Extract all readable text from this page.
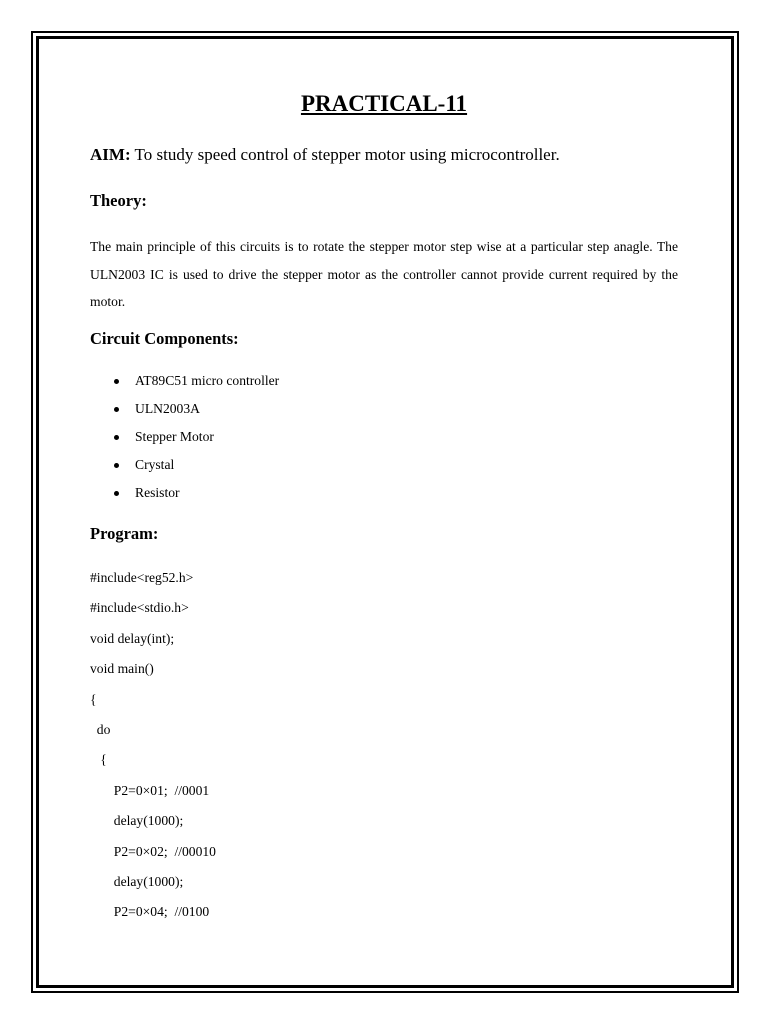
PRACTICAL-11

AIM: To study speed control of stepper motor using microcontroller.

Theory:

The main principle of this circuits is to rotate the stepper motor step wise at a particular step anagle. The ULN2003 IC is used to drive the stepper motor as the controller cannot provide current required by the motor.

Circuit Components:
AT89C51 micro controller
ULN2003A
Stepper Motor
Crystal
Resistor
Program:
#include<reg52.h>
#include<stdio.h>
void delay(int);
void main()
{
do
{
P2=0×01;  //0001
delay(1000);
P2=0×02;  //00010
delay(1000);
P2=0×04;  //0100
